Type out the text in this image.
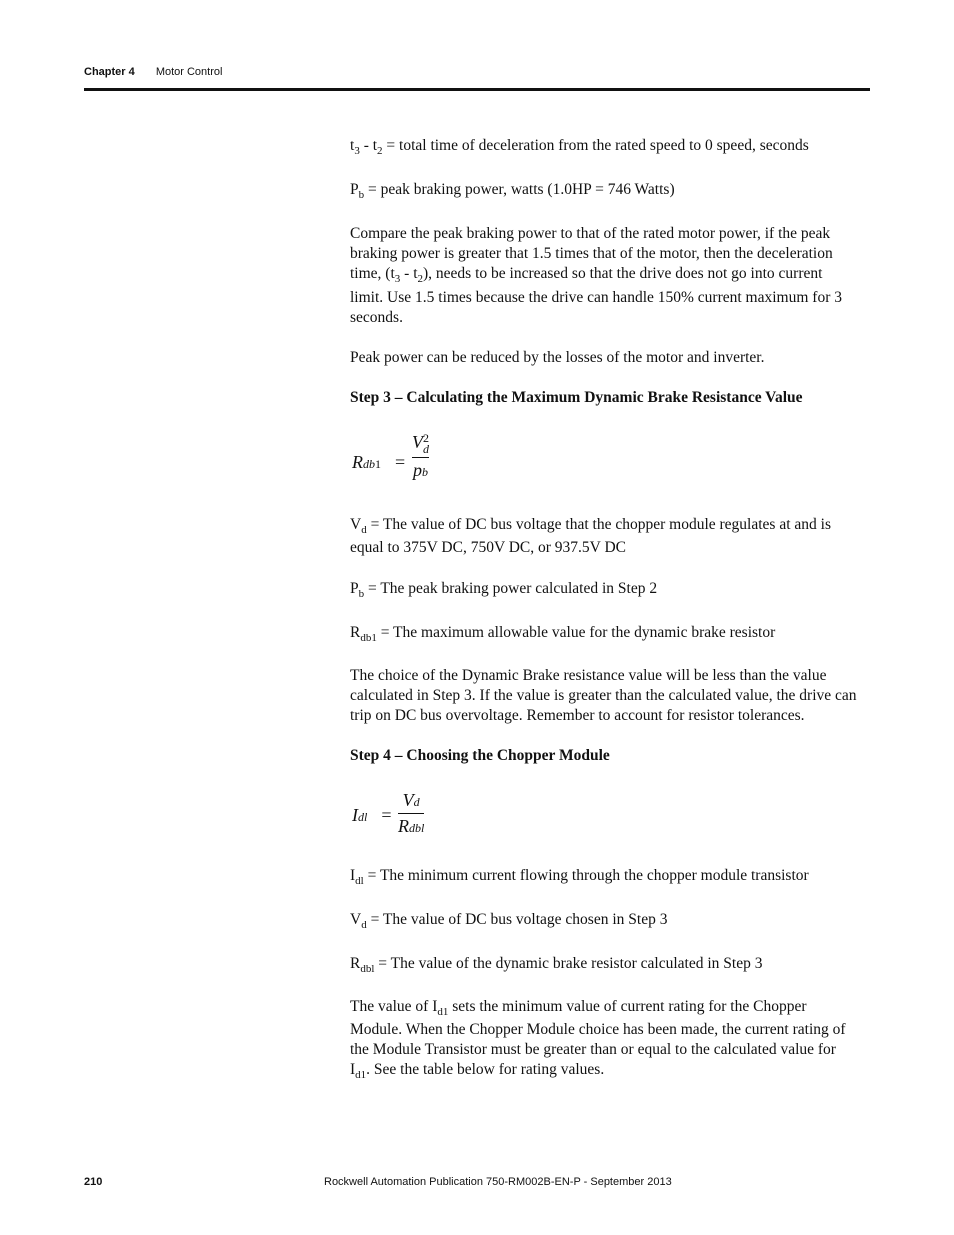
Chapter 4 Motor Control
$t_3 - t_2$ = total time of deceleration from the rated speed to 0 speed, seconds
$P_b$ = peak braking power, watts (1.0HP = 746 Watts)
Compare the peak braking power to that of the rated motor power, if the peak
braking power is greater that 1.5 times that of the motor, then the deceleration
time, $(t_3 - t_2)$, needs to be increased so that the drive does not go into current
limit. Use 1.5 times because the drive can handle 150% current maximum for 3
seconds.
Peak power can be reduced by the losses of the motor and inverter.
Step 3 – Calculating the Maximum Dynamic Brake Resistance Value
Rdb1 =
V 2
d
pb
$V_d$ = The value of DC bus voltage that the chopper module regulates at and is
equal to 375V DC, 750V DC, or 937.5V DC
$P_b$ = The peak braking power calculated in Step 2
$R_{db1}$ = The maximum allowable value for the dynamic brake resistor
The choice of the Dynamic Brake resistance value will be less than the value
calculated in Step 3. If the value is greater than the calculated value, the drive can
trip on DC bus overvoltage. Remember to account for resistor tolerances.
Step 4 – Choosing the Chopper Module
Idl =
Vd
Rdbl
$I_{dl}$ = The minimum current flowing through the chopper module transistor
$V_d$ = The value of DC bus voltage chosen in Step 3
$R_{dbl}$ = The value of the dynamic brake resistor calculated in Step 3
The value of $I_{d1}$ sets the minimum value of current rating for the Chopper
Module. When the Chopper Module choice has been made, the current rating of
the Module Transistor must be greater than or equal to the calculated value for
$I_{d1}$. See the table below for rating values.
210	Rockwell Automation Publication 750-RM002B-EN-P - September 2013
